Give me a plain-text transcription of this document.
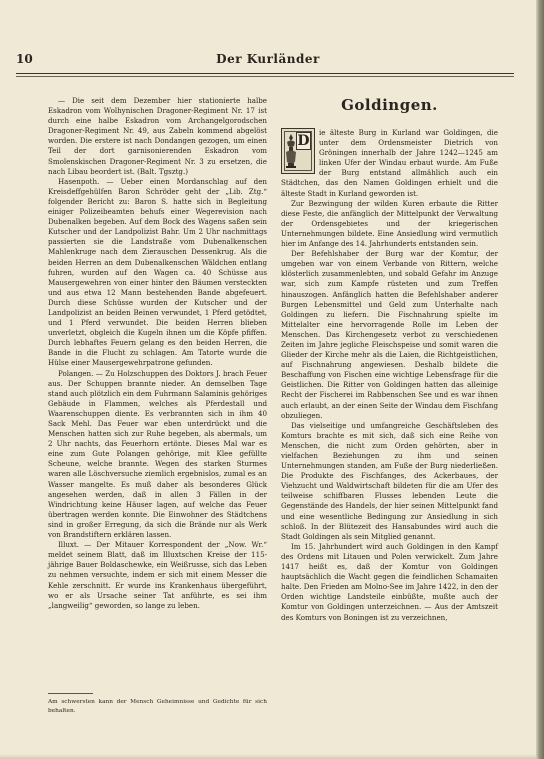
10	Der Kurländer

— Die seit dem Dezember hier stationierte halbe Eskadron vom Wolhynischen Dragoner-Regiment Nr. 17 ist durch eine halbe Eskadron vom Archangelgorodschen Dragoner-Regiment Nr. 49, aus Zabeln kommend abgelöst worden. Die erstere ist nach Dondangen gezogen, um einen Teil der dort garnisonierenden Eskadron vom Smolenskischen Dragoner-Regiment Nr. 3 zu ersetzen, die nach Libau beordert ist. (Balt. Tgsztg.)

Hasenpoth. — Ueber einen Mordanschlag auf den Kreisdeffgehülfen Baron Schröder geht der „Lib. Ztg.“ folgender Bericht zu: Baron S. hatte sich in Begleitung einiger Polizeibeamten behufs einer Wegerevision nach Dubenalken begeben. Auf dem Bock des Wagens saßen sein Kutscher und der Landpolizist Bahr. Um 2 Uhr nachmittags passierten sie die Landstraße vom Dubenalkenschen Mahlenkruge nach dem Zierauschen Dessenkrug. Als die beiden Herren an dem Dubenalkenschen Wäldchen entlang fuhren, wurden auf den Wagen ca. 40 Schüsse aus Mausergewehren von einer hinter den Bäumen versteckten und aus etwa 12 Mann bestehenden Bande abgefeuert. Durch diese Schüsse wurden der Kutscher und der Landpolizist an beiden Beinen verwundet, 1 Pferd getödtet, und 1 Pferd verwundet. Die beiden Herren blieben unverletzt, obgleich die Kugeln ihnen um die Köpfe pfiffen. Durch lebhaftes Feuern gelang es den beiden Herren, die Bande in die Flucht zu schlagen. Am Tatorte wurde die Hülse einer Mausergewehrpatrone gefunden.

Polangen. — Zu Holzschuppen des Doktors J. brach Feuer aus. Der Schuppen brannte nieder. An demselben Tage stand auch plötzlich ein dem Fuhrmann Salaminis gehöriges Gebäude in Flammen, welches als Pferdestall und Waarenschuppen diente. Es verbrannten sich in ihm 40 Sack Mehl. Das Feuer war eben unterdrückt und die Menschen hatten sich zur Ruhe begeben, als abermals, um 2 Uhr nachts, das Feuerhorn ertönte. Dieses Mal war es eine zum Gute Polangen gehörige, mit Klee gefüllte Scheune, welche brannte. Wegen des starken Sturmes waren alle Löschversuche ziemlich ergebnislos, zumal es an Wasser mangelte. Es muß daher als besonderes Glück angesehen werden, daß in allen 3 Fällen in der Windrichtung keine Häuser lagen, auf welche das Feuer übertragen werden konnte. Die Einwohner des Städtchens sind in großer Erregung, da sich die Brände nur als Werk von Brandstiftern erklären lassen.

Illuxt. — Der Mitauer Korrespondent der „Now. Wr.“ meldet seinem Blatt, daß im Illuxtschen Kreise der 115-jährige Bauer Boldaschewke, ein Weißrusse, sich das Leben zu nehmen versuchte, indem er sich mit einem Messer die Kehle zerschnitt. Er wurde ins Krankenhaus übergeführt, wo er als Ursache seiner Tat anführte, es sei ihm „langweilig“ geworden, so lange zu leben.

Am schwersten kann der Mensch Geheimnisse und Gedichte für sich behalten.
Goldingen.
D

ie älteste Burg in Kurland war Goldingen, die unter dem Ordensmeister Dietrich von Gröningen innerhalb der Jahre 1242—1245 am linken Ufer der Windau erbaut wurde. Am Fuße der Burg entstand allmählich auch ein Städtchen, das den Namen Goldingen erhielt und die älteste Stadt in Kurland geworden ist.

Zur Bezwingung der wilden Kuren erbaute die Ritter diese Feste, die anfänglich der Mittelpunkt der Verwaltung der Ordensgebietes und der kriegerischen Unternehmungen bildete. Eine Ansiedlung wird vermutlich hier im Anfange des 14. Jahrhunderts entstanden sein.

Der Befehlshaber der Burg war der Komtur, der umgeben war von einem Verbande von Rittern, welche klösterlich zusammenlebten, und sobald Gefahr im Anzuge war, sich zum Kampfe rüsteten und zum Treffen hinauszogen. Anfänglich hatten die Befehlshaber anderer Burgen Lebensmittel und Geld zum Unterhalte nach Goldingen zu liefern. Die Fischnahrung spielte im Mittelalter eine hervorragende Rolle im Leben der Menschen. Das Kirchengesetz verbot zu verschiedenen Zeiten im Jahre jegliche Fleischspeise und somit waren die Glieder der Kirche mehr als die Laien, die Richtgeistlichen, auf Fischnahrung angewiesen. Deshalb bildete die Beschaffung von Fischen eine wichtige Lebensfrage für die Geistlichen. Die Ritter von Goldingen hatten das alleinige Recht der Fischerei im Rabbenschen See und es war ihnen auch erlaubt, an der einen Seite der Windau dem Fischfang obzuliegen.

Das vielseitige und umfangreiche Geschäftsleben des Komturs brachte es mit sich, daß sich eine Reihe von Menschen, die nicht zum Orden gehörten, aber in vielfachen Beziehungen zu ihm und seinen Unternehmungen standen, am Fuße der Burg niederließen. Die Produkte des Fischfanges, des Ackerbaues, der Viehzucht und Waldwirtschaft bildeten für die am Ufer des teilweise schiffbaren Flusses lebenden Leute die Gegenstände des Handels, der hier seinen Mittelpunkt fand und eine wesentliche Bedingung zur Ansiedlung in sich schloß. In der Blütezeit des Hansabundes wird auch die Stadt Goldingen als sein Mitglied genannt.

Im 15. Jahrhundert wird auch Goldingen in den Kampf des Ordens mit Litauen und Polen verwickelt. Zum Jahre 1417 heißt es, daß der Komtur von Goldingen hauptsächlich die Wacht gegen die feindlichen Schamaiten halte. Den Frieden am Molno-See im Jahre 1422, in den der Orden wichtige Landsteile einbüßte, mußte auch der Komtur von Goldingen unterzeichnen. — Aus der Amtszeit des Komturs von Boningen ist zu verzeichnen,
